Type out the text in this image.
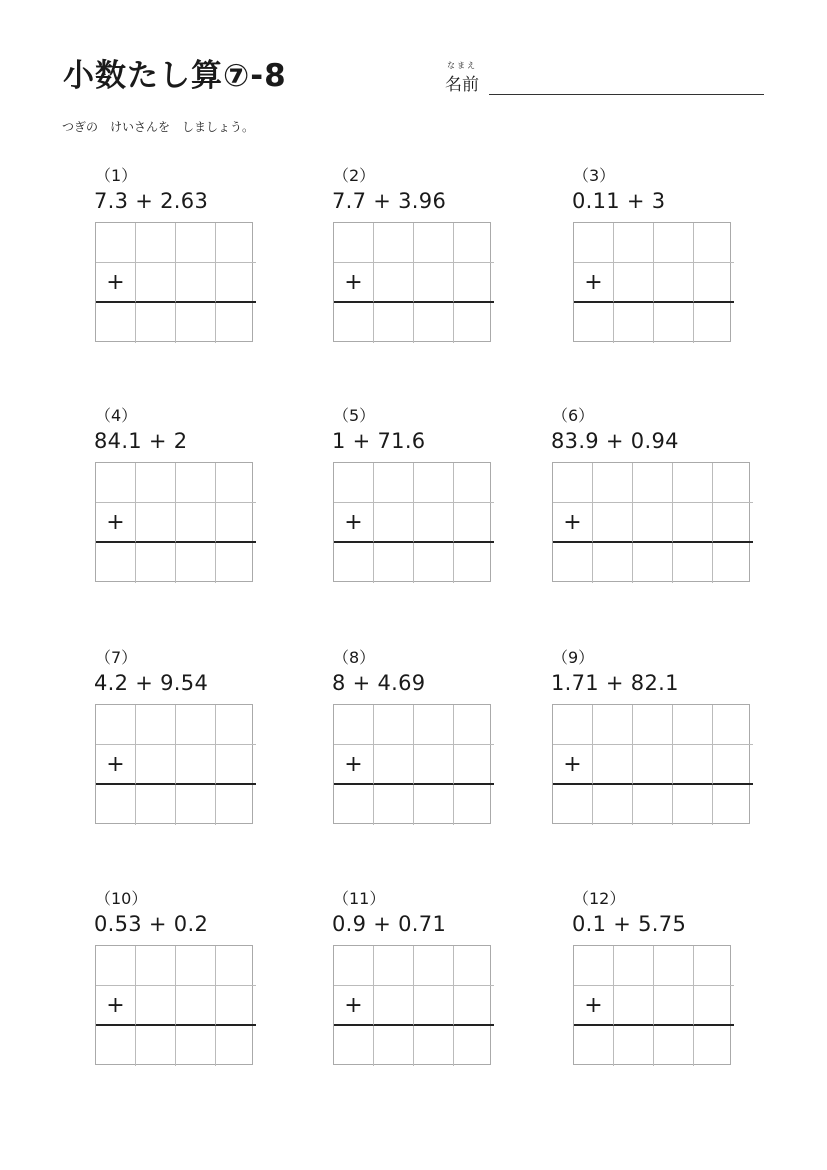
小数たし算⑦-8	なまえ
名前
つぎの　けいさんを　しましょう。
（1）
7.3 + 2.63
+
（2）
7.7 + 3.96
+
（3）
0.11 + 3
+
（4）
84.1 + 2
+
（5）
1 + 71.6
+
（6）
83.9 + 0.94
+
（7）
4.2 + 9.54
+
（8）
8 + 4.69
+
（9）
1.71 + 82.1
+
（10）
0.53 + 0.2
+
（11）
0.9 + 0.71
+
（12）
0.1 + 5.75
+
